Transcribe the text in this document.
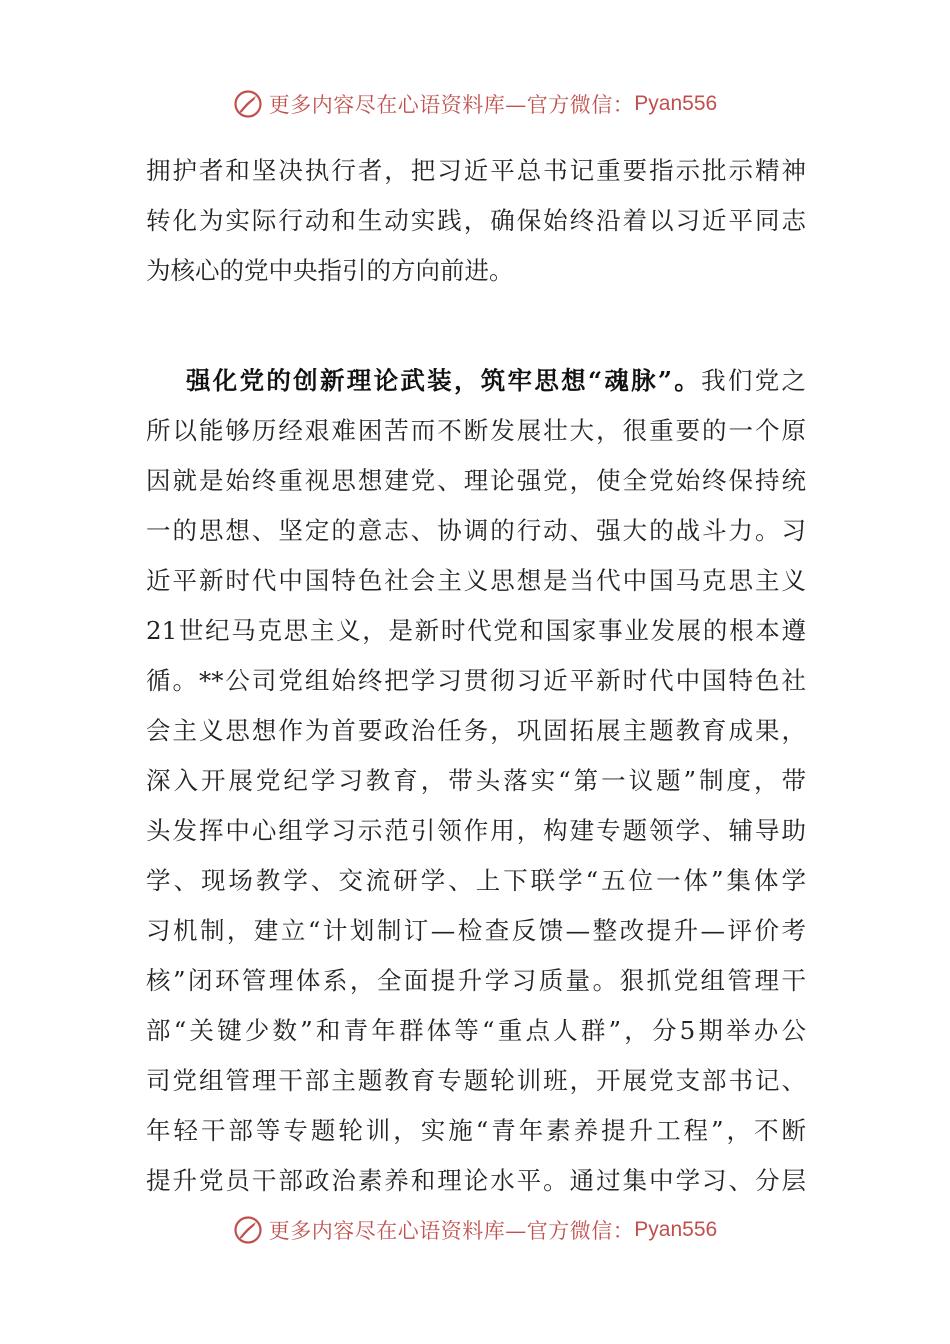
更多内容尽在心语资料库—官方微信： Pyan556
拥护者和坚决执行者，把习近平总书记重要指示批示精神
转化为实际行动和生动实践，确保始终沿着以习近平同志
为核心的党中央指引的方向前进。
强化党的创新理论武装，筑牢思想“魂脉”。我们党之
所以能够历经艰难困苦而不断发展壮大，很重要的一个原
因就是始终重视思想建党、理论强党，使全党始终保持统
一的思想、坚定的意志、协调的行动、强大的战斗力。习
近平新时代中国特色社会主义思想是当代中国马克思主义
21世纪马克思主义，是新时代党和国家事业发展的根本遵
循。**公司党组始终把学习贯彻习近平新时代中国特色社
会主义思想作为首要政治任务，巩固拓展主题教育成果，
深入开展党纪学习教育，带头落实“第一议题”制度，带
头发挥中心组学习示范引领作用，构建专题领学、辅导助
学、现场教学、交流研学、上下联学“五位一体”集体学
习机制，建立“计划制订—检查反馈—整改提升—评价考
核”闭环管理体系，全面提升学习质量。狠抓党组管理干
部“关键少数”和青年群体等“重点人群”，分5期举办公
司党组管理干部主题教育专题轮训班，开展党支部书记、
年轻干部等专题轮训，实施“青年素养提升工程”，不断
提升党员干部政治素养和理论水平。通过集中学习、分层
更多内容尽在心语资料库—官方微信： Pyan556
